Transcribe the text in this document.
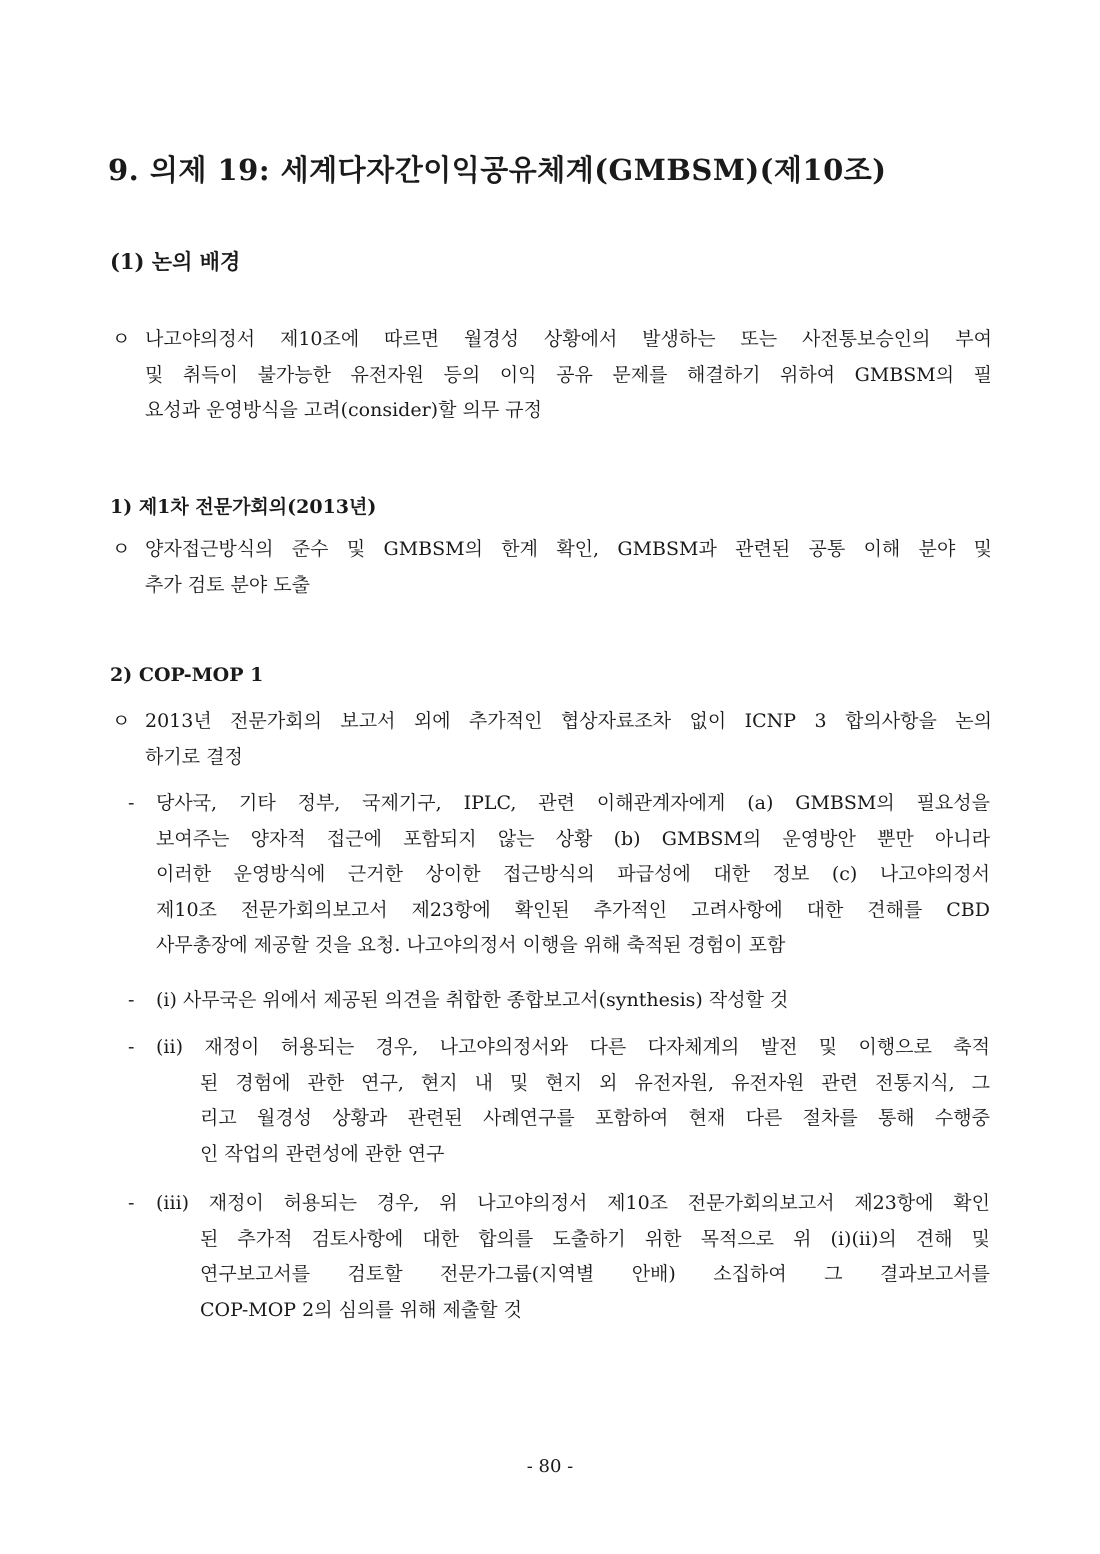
9. 의제 19: 세계다자간이익공유체계(GMBSM)(제10조)
(1) 논의 배경
ㅇ 나고야의정서 제10조에 따르면 월경성 상황에서 발생하는 또는 사전통보승인의 부여
및 취득이 불가능한 유전자원 등의 이익 공유 문제를 해결하기 위하여 GMBSM의 필
요성과 운영방식을 고려(consider)할 의무 규정
1) 제1차 전문가회의(2013년)
ㅇ 양자접근방식의 준수 및 GMBSM의 한계 확인, GMBSM과 관련된 공통 이해 분야 및
추가 검토 분야 도출
2) COP-MOP 1
ㅇ 2013년 전문가회의 보고서 외에 추가적인 협상자료조차 없이 ICNP 3 합의사항을 논의
하기로 결정
-	당사국, 기타 정부, 국제기구, IPLC, 관련 이해관계자에게 (a) GMBSM의 필요성을
보여주는 양자적 접근에 포함되지 않는 상황 (b) GMBSM의 운영방안 뿐만 아니라
이러한 운영방식에 근거한 상이한 접근방식의 파급성에 대한 정보 (c) 나고야의정서
제10조 전문가회의보고서 제23항에 확인된 추가적인 고려사항에 대한 견해를 CBD
사무총장에 제공할 것을 요청. 나고야의정서 이행을 위해 축적된 경험이 포함
-	(i) 사무국은 위에서 제공된 의견을 취합한 종합보고서(synthesis) 작성할 것
-	(ii) 재정이 허용되는 경우, 나고야의정서와 다른 다자체계의 발전 및 이행으로 축적
된 경험에 관한 연구, 현지 내 및 현지 외 유전자원, 유전자원 관련 전통지식, 그
리고 월경성 상황과 관련된 사례연구를 포함하여 현재 다른 절차를 통해 수행중
인 작업의 관련성에 관한 연구
-	(iii) 재정이 허용되는 경우, 위 나고야의정서 제10조 전문가회의보고서 제23항에 확인
된 추가적 검토사항에 대한 합의를 도출하기 위한 목적으로 위 (i)(ii)의 견해 및
연구보고서를 검토할 전문가그룹(지역별 안배) 소집하여 그 결과보고서를
COP-MOP 2의 심의를 위해 제출할 것
- 80 -
